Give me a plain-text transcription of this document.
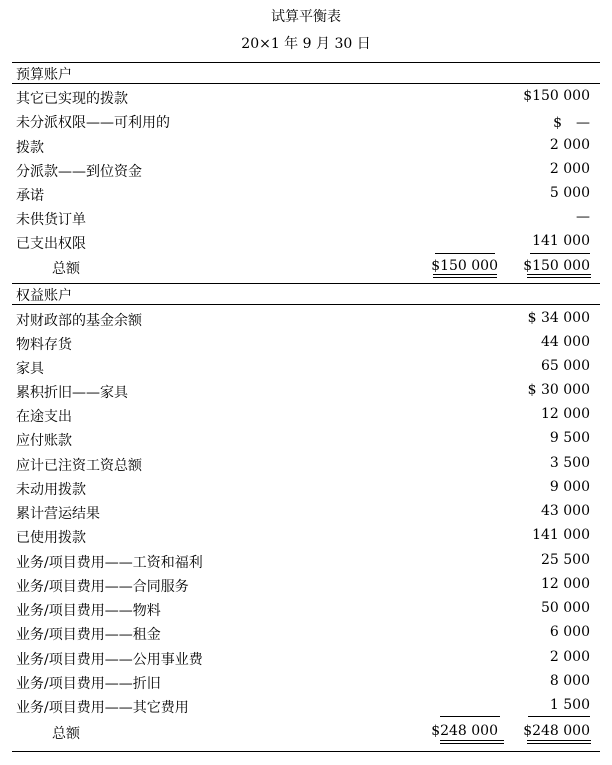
试算平衡表
20×1 年 9 月 30 日
预算账户
其它已实现的拨款	$150 000
未分派权限——可利用的	$　—
拨款	2 000
分派款——到位资金	2 000
承诺	5 000
未供货订单	—
已支出权限	141 000
总额	$150 000 $150 000
权益账户
对财政部的基金余额	$ 34 000
物料存货	44 000
家具	65 000
累积折旧——家具	$ 30 000
在途支出	12 000
应付账款	9 500
应计已注资工资总额	3 500
未动用拨款	9 000
累计营运结果	43 000
已使用拨款	141 000
业务/项目费用——工资和福利	25 500
业务/项目费用——合同服务	12 000
业务/项目费用——物料	50 000
业务/项目费用——租金	6 000
业务/项目费用——公用事业费	2 000
业务/项目费用——折旧	8 000
业务/项目费用——其它费用	1 500
总额	$248 000 $248 000
